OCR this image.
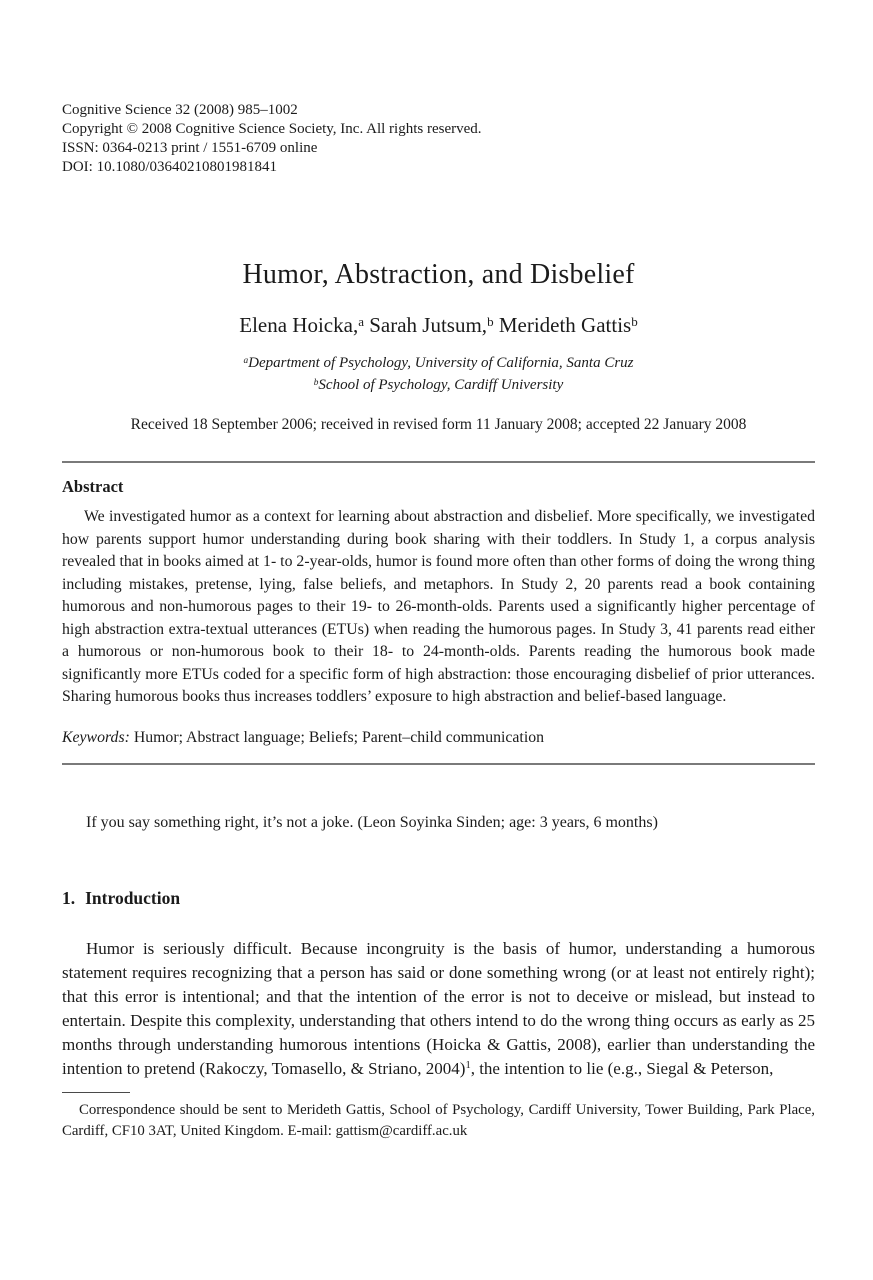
Cognitive Science 32 (2008) 985–1002
Copyright © 2008 Cognitive Science Society, Inc. All rights reserved.
ISSN: 0364-0213 print / 1551-6709 online
DOI: 10.1080/03640210801981841
Humor, Abstraction, and Disbelief
Elena Hoicka,$^a$ Sarah Jutsum,$^b$ Merideth Gattis$^b$
$^a$Department of Psychology, University of California, Santa Cruz
$^b$School of Psychology, Cardiff University
Received 18 September 2006; received in revised form 11 January 2008; accepted 22 January 2008
Abstract

We investigated humor as a context for learning about abstraction and disbelief. More specifically, we investigated how parents support humor understanding during book sharing with their toddlers. In Study 1, a corpus analysis revealed that in books aimed at 1- to 2-year-olds, humor is found more often than other forms of doing the wrong thing including mistakes, pretense, lying, false beliefs, and metaphors. In Study 2, 20 parents read a book containing humorous and non-humorous pages to their 19- to 26-month-olds. Parents used a significantly higher percentage of high abstraction extra-textual utterances (ETUs) when reading the humorous pages. In Study 3, 41 parents read either a humorous or non-humorous book to their 18- to 24-month-olds. Parents reading the humorous book made significantly more ETUs coded for a specific form of high abstraction: those encouraging disbelief of prior utterances. Sharing humorous books thus increases toddlers’ exposure to high abstraction and belief-based language.

Keywords: Humor; Abstract language; Beliefs; Parent–child communication

If you say something right, it’s not a joke. (Leon Soyinka Sinden; age: 3 years, 6 months)

1. Introduction

Humor is seriously difficult. Because incongruity is the basis of humor, understanding a humorous statement requires recognizing that a person has said or done something wrong (or at least not entirely right); that this error is intentional; and that the intention of the error is not to deceive or mislead, but instead to entertain. Despite this complexity, understanding that others intend to do the wrong thing occurs as early as 25 months through understanding humorous intentions (Hoicka & Gattis, 2008), earlier than understanding the intention to pretend (Rakoczy, Tomasello, & Striano, 2004)$^1$, the intention to lie (e.g., Siegal & Peterson,

Correspondence should be sent to Merideth Gattis, School of Psychology, Cardiff University, Tower Building, Park Place, Cardiff, CF10 3AT, United Kingdom. E-mail: gattism@cardiff.ac.uk
